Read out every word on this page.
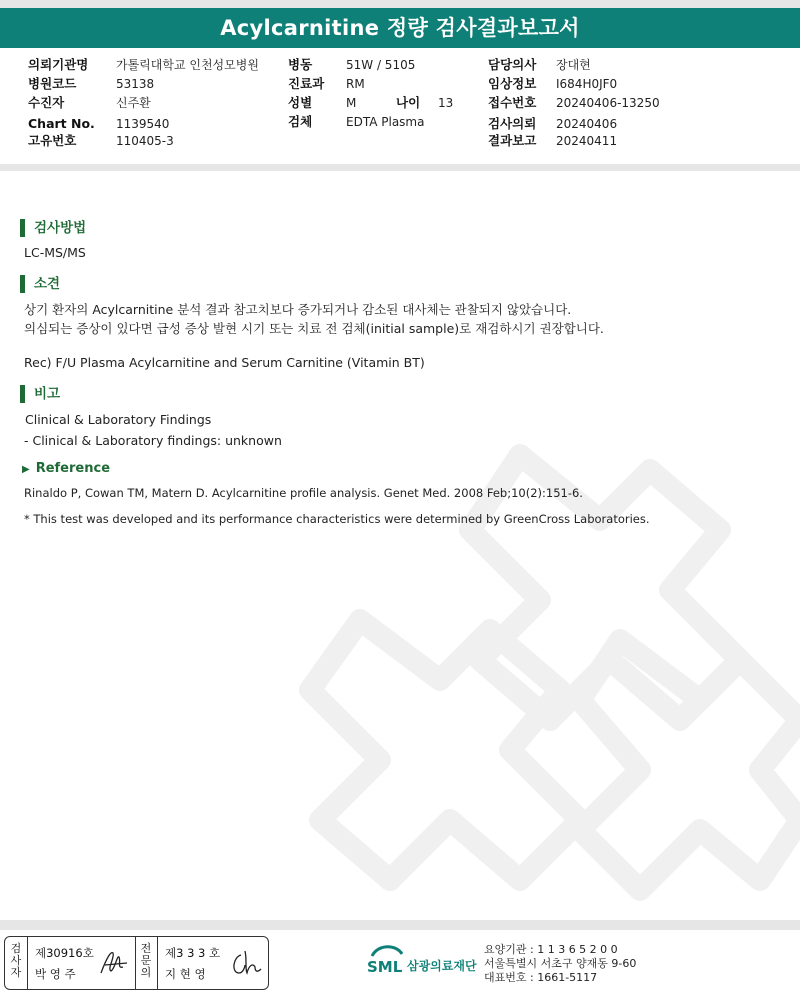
Acylcarnitine 정량 검사결과보고서
의뢰기관명 가톨릭대학교 인천성모병원
병원코드	53138
수진자	신주환
Chart No. 1139540
고유번호	110405-3
병동	51W / 5105
진료과 RM
성별	M	나이 13
검체	EDTA Plasma
담당의사 장대현
임상정보 I684H0JF0
접수번호 20240406-13250
검사의뢰 20240406
결과보고 20240411
검사방법
LC-MS/MS
소견
상기 환자의 Acylcarnitine 분석 결과 참고치보다 증가되거나 감소된 대사체는 관찰되지 않았습니다.
의심되는 증상이 있다면 급성 증상 발현 시기 또는 치료 전 검체(initial sample)로 재검하시기 권장합니다.
Rec) F/U Plasma Acylcarnitine and Serum Carnitine (Vitamin BT)
비고
Clinical & Laboratory Findings
- Clinical & Laboratory findings: unknown
▶ Reference
Rinaldo P, Cowan TM, Matern D. Acylcarnitine profile analysis. Genet Med. 2008 Feb;10(2):151-6.
* This test was developed and its performance characteristics were determined by GreenCross Laboratories.
검
사
자
제30916호
박 영 주
전
문
의
제3 3 3 호
지 현 영	SML 삼광의료재단
요양기관 : 1 1 3 6 5 2 0 0
서울특별시 서초구 양재동 9-60
대표번호 : 1661-5117
